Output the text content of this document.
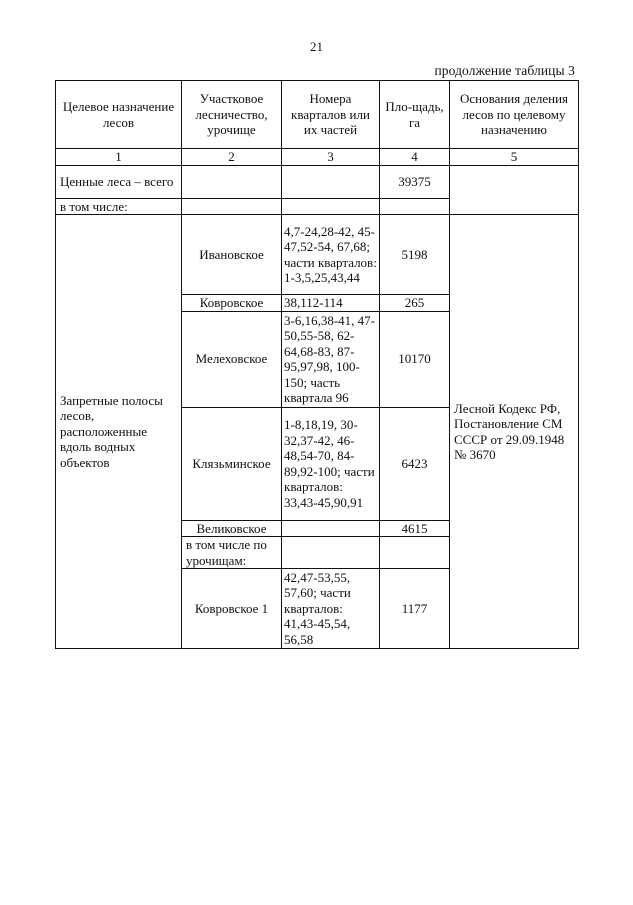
21
продолжение таблицы 3
Целевое назначение лесов	Участковое лесничество, урочище	Номера кварталов или их частей	Пло-щадь, га	Основания деления лесов по целевому назначению
1	2	3	4	5
Ценные леса – всего			39375	
в том числе:				
Запретные полосы лесов, расположенные вдоль водных объектов	Ивановское	4,7-24,28-42, 45-47,52-54, 67,68; части кварталов: 1-3,5,25,43,44	5198	Лесной Кодекс РФ, Постановление СМ СССР от 29.09.1948 № 3670
	Ковровское	38,112-114	265	
	Мелеховское	3-6,16,38-41, 47-50,55-58, 62-64,68-83, 87-95,97,98, 100-150; часть квартала 96	10170	
	Клязьминское	1-8,18,19, 30-32,37-42, 46-48,54-70, 84-89,92-100; части кварталов: 33,43-45,90,91	6423	
	Великовское		4615	
	в том числе по урочищам:			
	Ковровское 1	42,47-53,55, 57,60; части кварталов: 41,43-45,54, 56,58	1177	
